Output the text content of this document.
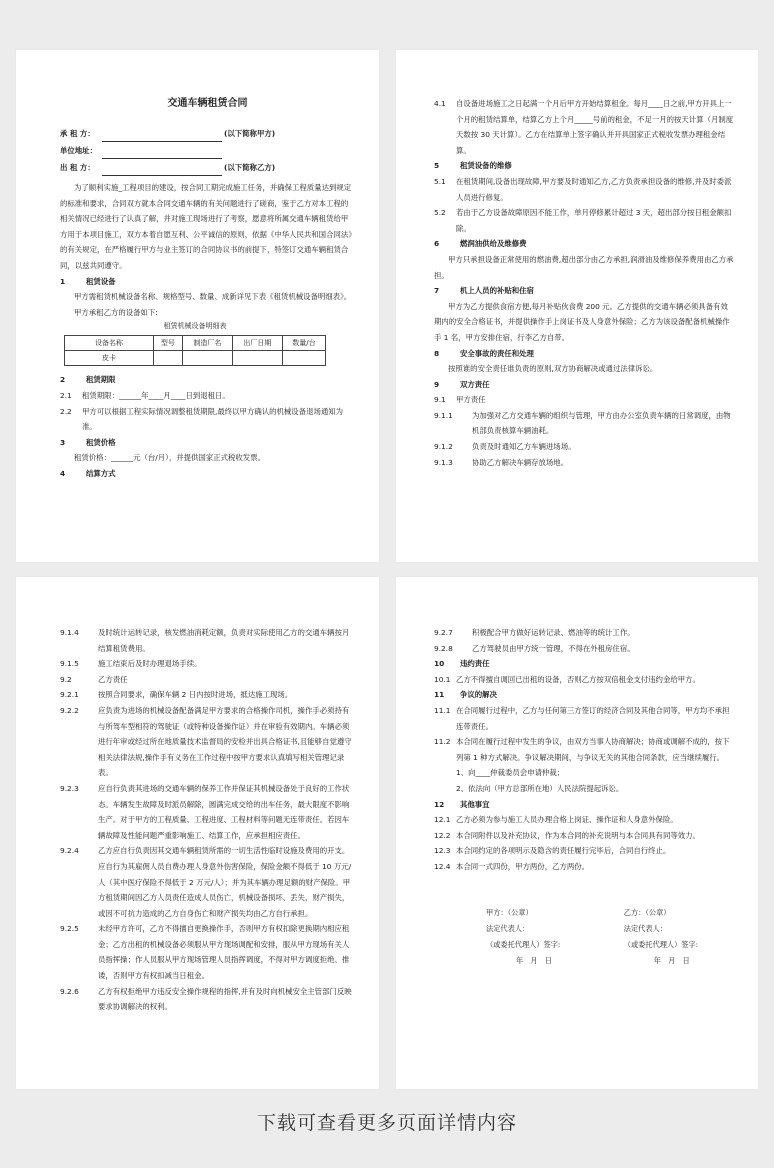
交通车辆租赁合同
承 租 方：	(以下简称甲方)
单位地址：
出 租 方：	(以下简称乙方)
为了顺利实施_工程项目的建设，按合同工期完成施工任务，并确保工程质量达到规定的标准和要求，合同双方就本合同交通车辆的有关问题进行了磋商，鉴于乙方对本工程的相关情况已经进行了认真了解，并对施工现场进行了考察，愿意将所属交通车辆租赁给甲方用于本项目施工，双方本着自愿互利、公平诚信的原则，依据《中华人民共和国合同法》的有关规定，在严格履行甲方与业主签订的合同协议书的前提下，特签订交通车辆租赁合同，以兹共同遵守。
1	租赁设备
甲方需租赁机械设备名称、规格型号、数量、成新详见下表《租赁机械设备明细表》。
甲方承租乙方的设备如下:
租赁机械设备明细表
设备名称	型号	制造厂名	出厂日期	数量/台
皮卡				
2	租赁期限
2.1	租赁期限：______年____月____日到退租日。
2.2	甲方可以根据工程实际情况调整租赁期限,最终以甲方确认的机械设备退场通知为准。
3	租赁价格
租赁价格：______元（台/月），并提供国家正式税收发票。
4	结算方式
4.1	自设备进场施工之日起满一个月后甲方开始结算租金。每月____日之前,甲方开具上一个月的租赁结算单，结算乙方上个月_____号前的租金，不足一月的按天计算（月制度天数按 30 天计算）。乙方在结算单上签字确认并开具国家正式税收发票办理租金结算。
5	租赁设备的维修
5.1	在租赁期间,设备出现故障,甲方要及时通知乙方,乙方负责承担设备的维修,并及时委派人员进行修复。
5.2	若由于乙方设备故障原因不能工作，单月停修累计超过 3 天，超出部分按日租金额扣除。
6	燃润油供给及维修费
甲方只承担设备正常使用的燃油费,超出部分由乙方承担,润滑油及维修保养费用由乙方承担。
7	机上人员的补贴和住宿
甲方为乙方提供食宿方便,每月补贴伙食费 200 元。乙方提供的交通车辆必须具备有效期内的安全合格证书，并提供操作手上岗证书及人身意外保险；乙方为该设备配备机械操作手 1 名，甲方安排住宿，行李乙方自带。
8	安全事故的责任和处理
按照谁的安全责任谁负责的原则,双方协商解决或通过法律诉讼。
9	双方责任
9.1	甲方责任
9.1.1	为加强对乙方交通车辆的组织与管理，甲方由办公室负责车辆的日常调度，由物机部负责核算车辆油耗。
9.1.2	负责及时通知乙方车辆进场场。
9.1.3	协助乙方解决车辆存放场地。
9.1.4	及时统计运转记录，核发燃油消耗定额，负责对实际使用乙方的交通车辆按月结算租赁费用。
9.1.5	施工结束后及时办理退场手续。
9.2	乙方责任
9.2.1	按照合同要求，确保车辆 2 日内按时进场，抵达施工现场。
9.2.2	应负责为进场的机械设备配备满足甲方要求的合格操作司机，操作手必须持有与所驾车型相符的驾驶证（或特种设备操作证）并在审验有效期内。车辆必须进行年审或经过所在地质量技术监督局的安检并出具合格证书,且能够自觉遵守相关法律法规,操作手有义务在工作过程中按甲方要求认真填写相关管理记录表。
9.2.3	应自行负责其进场的交通车辆的保养工作并保证其机械设备处于良好的工作状态。车辆发生故障及时派员解除，圆满完成交给的出车任务，最大限度不影响生产。对于甲方的工程质量、工程进度、工程材料等问题无连带责任。若因车辆故障及性能问题严重影响施工、结算工作，应承担相应责任。
9.2.4	乙方应自行负责因其交通车辆租赁所需的一切生活性临时设施及费用的开支。应自行为其雇佣人员自费办理人身意外伤害保险，保险金额不得低于 10 万元/人（其中医疗保险不得低于 2 万元/人）；并为其车辆办理足额的财产保险。甲方租赁期间因乙方人员责任造成人员伤亡，机械设备损坏、丢失，财产损失，或因不可抗力造成的乙方自身伤亡和财产损失均由乙方自行承担。
9.2.5	未经甲方许可，乙方不得擅自更换操作手，否则甲方有权扣除更换期内相应租金；乙方出租的机械设备必须服从甲方现场调配和安排，服从甲方现场有关人员指挥操；作人员服从甲方现场管理人员指挥调度，不得对甲方调度拒绝、推诿，否则甲方有权扣减当日租金。
9.2.6	乙方有权拒绝甲方违反安全操作规程的指挥,并有及时向机械安全主管部门反映要求协调解决的权利。
9.2.7	积极配合甲方做好运转记录、燃油等的统计工作。
9.2.8	乙方驾驶员由甲方统一管理，不得在外租房住宿。
10	违约责任
10.1 乙方不得擅自调回已出租的设备，否则乙方按双倍租金支付违约金给甲方。
11	争议的解决
11.1 在合同履行过程中，乙方与任何第三方签订的经济合同及其他合同等，甲方均不承担连带责任。
11.2 本合同在履行过程中发生的争议，由双方当事人协商解决；协商或调解不成的，按下列第 1 种方式解决。争议解决期间，与争议无关的其他合同条款，应当继续履行。
1、向____仲裁委员会申请仲裁；
2、依法向（甲方总部所在地）人民法院提起诉讼。
12	其他事宜
12.1 乙方必须为参与施工人员办理合格上岗证、操作证和人身意外保险。
12.2 本合同附件以及补充协议，作为本合同的补充说明与本合同具有同等效力。
12.3 本合同约定的各项明示及隐含的责任履行完毕后，合同自行终止。
12.4 本合同一式四份，甲方两份，乙方两份。
甲方：（公章）
法定代表人：
（或委托代理人）签字:
年　月　日
乙方：（公章）
法定代表人：
（或委托代理人）签字:
年　月　日
下载可查看更多页面详情内容
